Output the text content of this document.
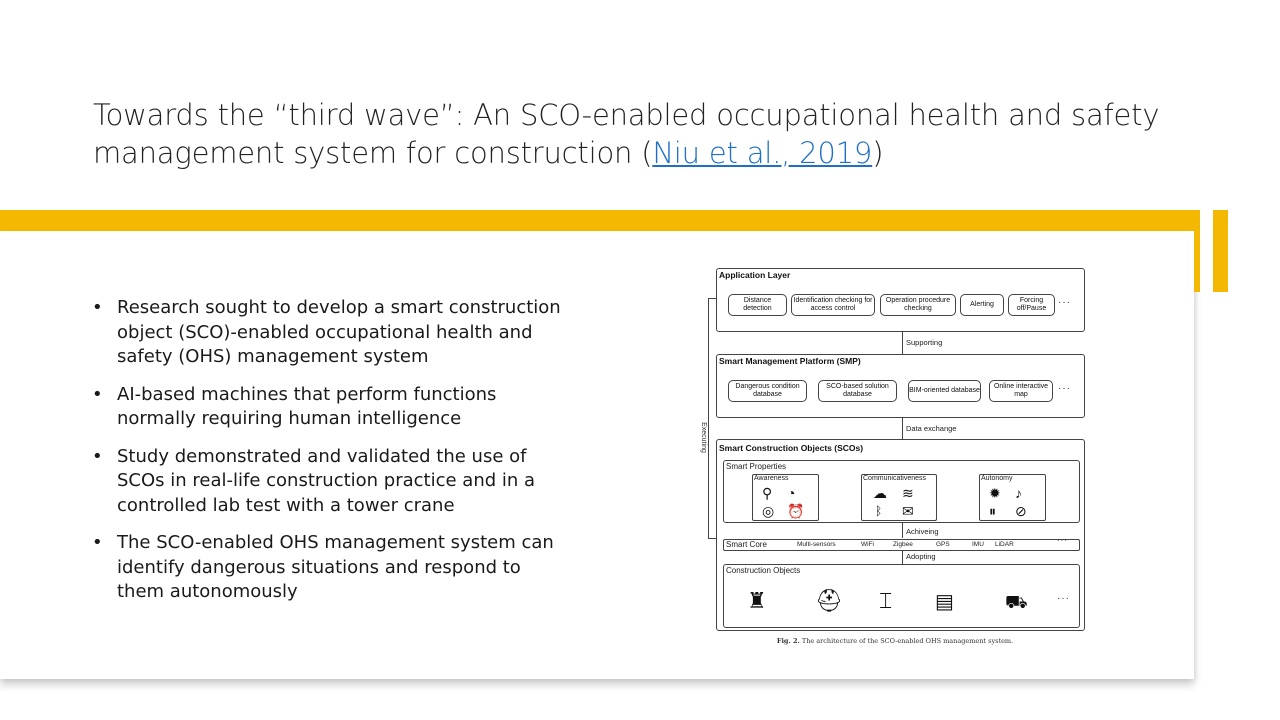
Towards the “third wave”: An SCO-enabled occupational health and safety management system for construction (Niu et al., 2019)
• Research sought to develop a smart construction object (SCO)-enabled occupational health and safety (OHS) management system
• AI-based machines that perform functions normally requiring human intelligence
• Study demonstrated and validated the use of SCOs in real-life construction practice and in a controlled lab test with a tower crane
• The SCO-enabled OHS management system can identify dangerous situations and respond to them autonomously
Executing
Application Layer
Distance detection
Identification checking for access control
Operation procedure checking
Alerting
Forcing off/Pause
···
Supporting
Smart Management Platform (SMP)
Dangerous condition database
SCO-based solution database
BIM-oriented database
Online interactive map
···
Data exchange
Smart Construction Objects (SCOs)
Smart Properties
Awareness
⚲ ◔
◎ ⏰
Communicativeness
☁ ≋
ᛒ ✉
Autonomy
✹ ♪
⏸ ⊘
Achiveing
Smart Core	Multi-sensors	WiFi	Zigbee	GPS	IMU LiDAR	···
Adopting
Construction Objects
♜ ⛑ ⌶ ▤	⛟	···
Fig. 2. The architecture of the SCO-enabled OHS management system.
